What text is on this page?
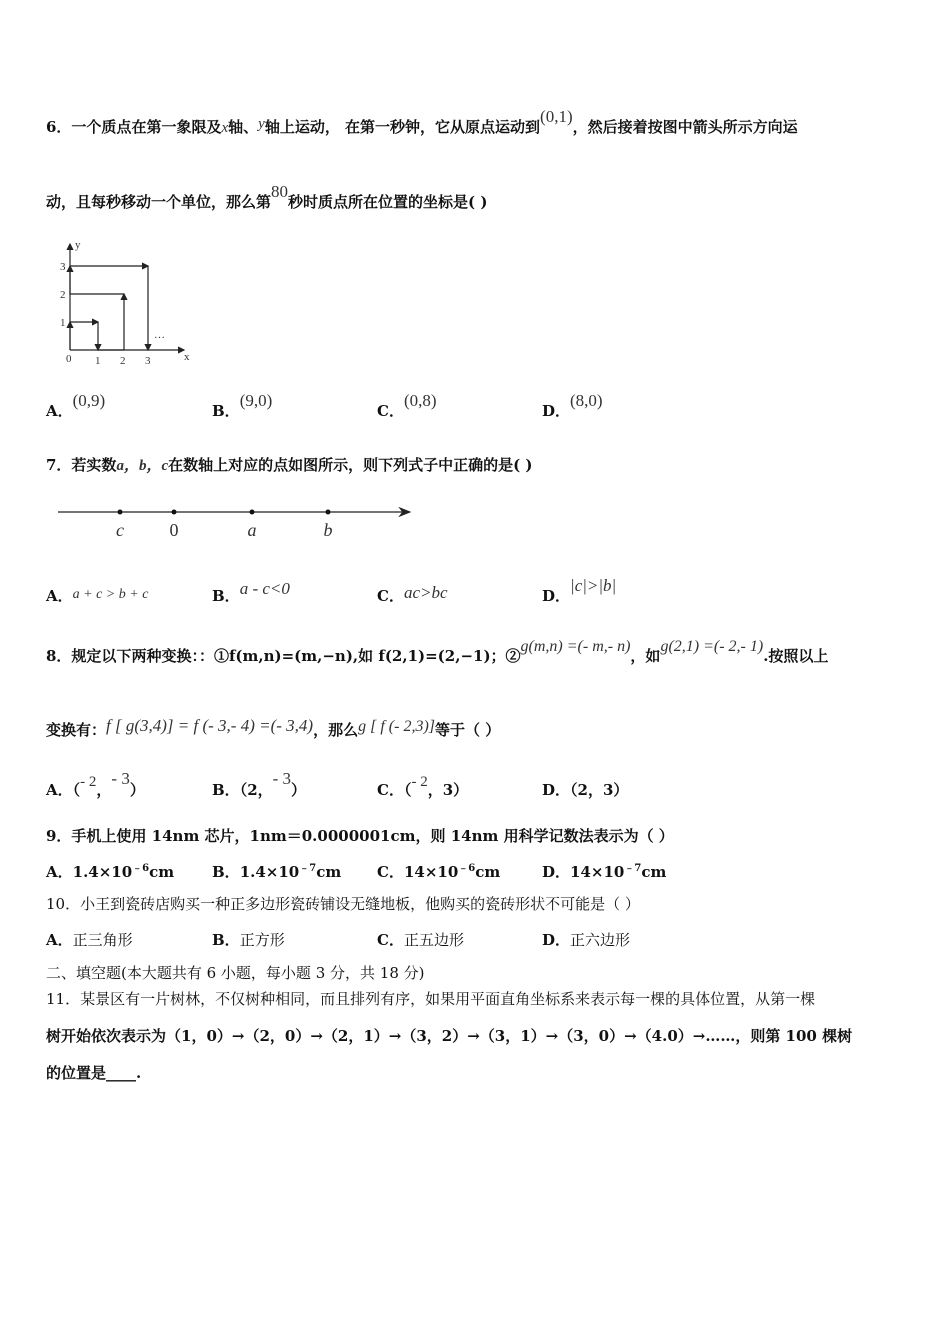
6．一个质点在第一象限及x轴、y轴上运动， 在第一秒钟，它从原点运动到(0,1)，然后接着按图中箭头所示方向运
动，且每秒移动一个单位，那么第80秒时质点所在位置的坐标是( )
y
x
0 1 2 3
1
2
3
…
A．(0,9)
B．(9,0)
C．(0,8)
D．(8,0)
7．若实数a，b，c在数轴上对应的点如图所示，则下列式子中正确的是( )
c	0	a	b
A．a + c > b + c	B．a - c<0	C．ac>bc	D．|c|>|b|
8．规定以下两种变换：：①f(m,n)=(m,−n),如 f(2,1)=(2,−1)；②g(m,n) =(- m,- n)，如g(2,1) =(- 2,- 1).按照以上
变换有：f [ g(3,4)] = f (- 3,- 4) =(- 3,4)，那么g [ f (- 2,3)]等于（ ）
A．（- 2，- 3）	B．（2，- 3）	C．（- 2，3）	D．（2，3）
9．手机上使用 14nm 芯片，1nm＝0.0000001cm，则 14nm 用科学记数法表示为（ ）
A．$1.4\times 10^{﹣6}cm$	B．$1.4\times 10^{﹣7}cm$ C．$14\times 10^{﹣6}cm$	D．$14\times 10^{﹣7}cm$
10．小王到瓷砖店购买一种正多边形瓷砖铺设无缝地板，他购买的瓷砖形状不可能是（ ）
A．正三角形	B．正方形	C．正五边形	D．正六边形
二、填空题(本大题共有 6 小题，每小题 3 分，共 18 分)
11．某景区有一片树林，不仅树种相同，而且排列有序，如果用平面直角坐标系来表示每一棵的具体位置，从第一棵
树开始依次表示为（1，0）→（2，0）→（2，1）→（3，2）→（3，1）→（3，0）→（4.0）→……，则第 100 棵树
的位置是____.
